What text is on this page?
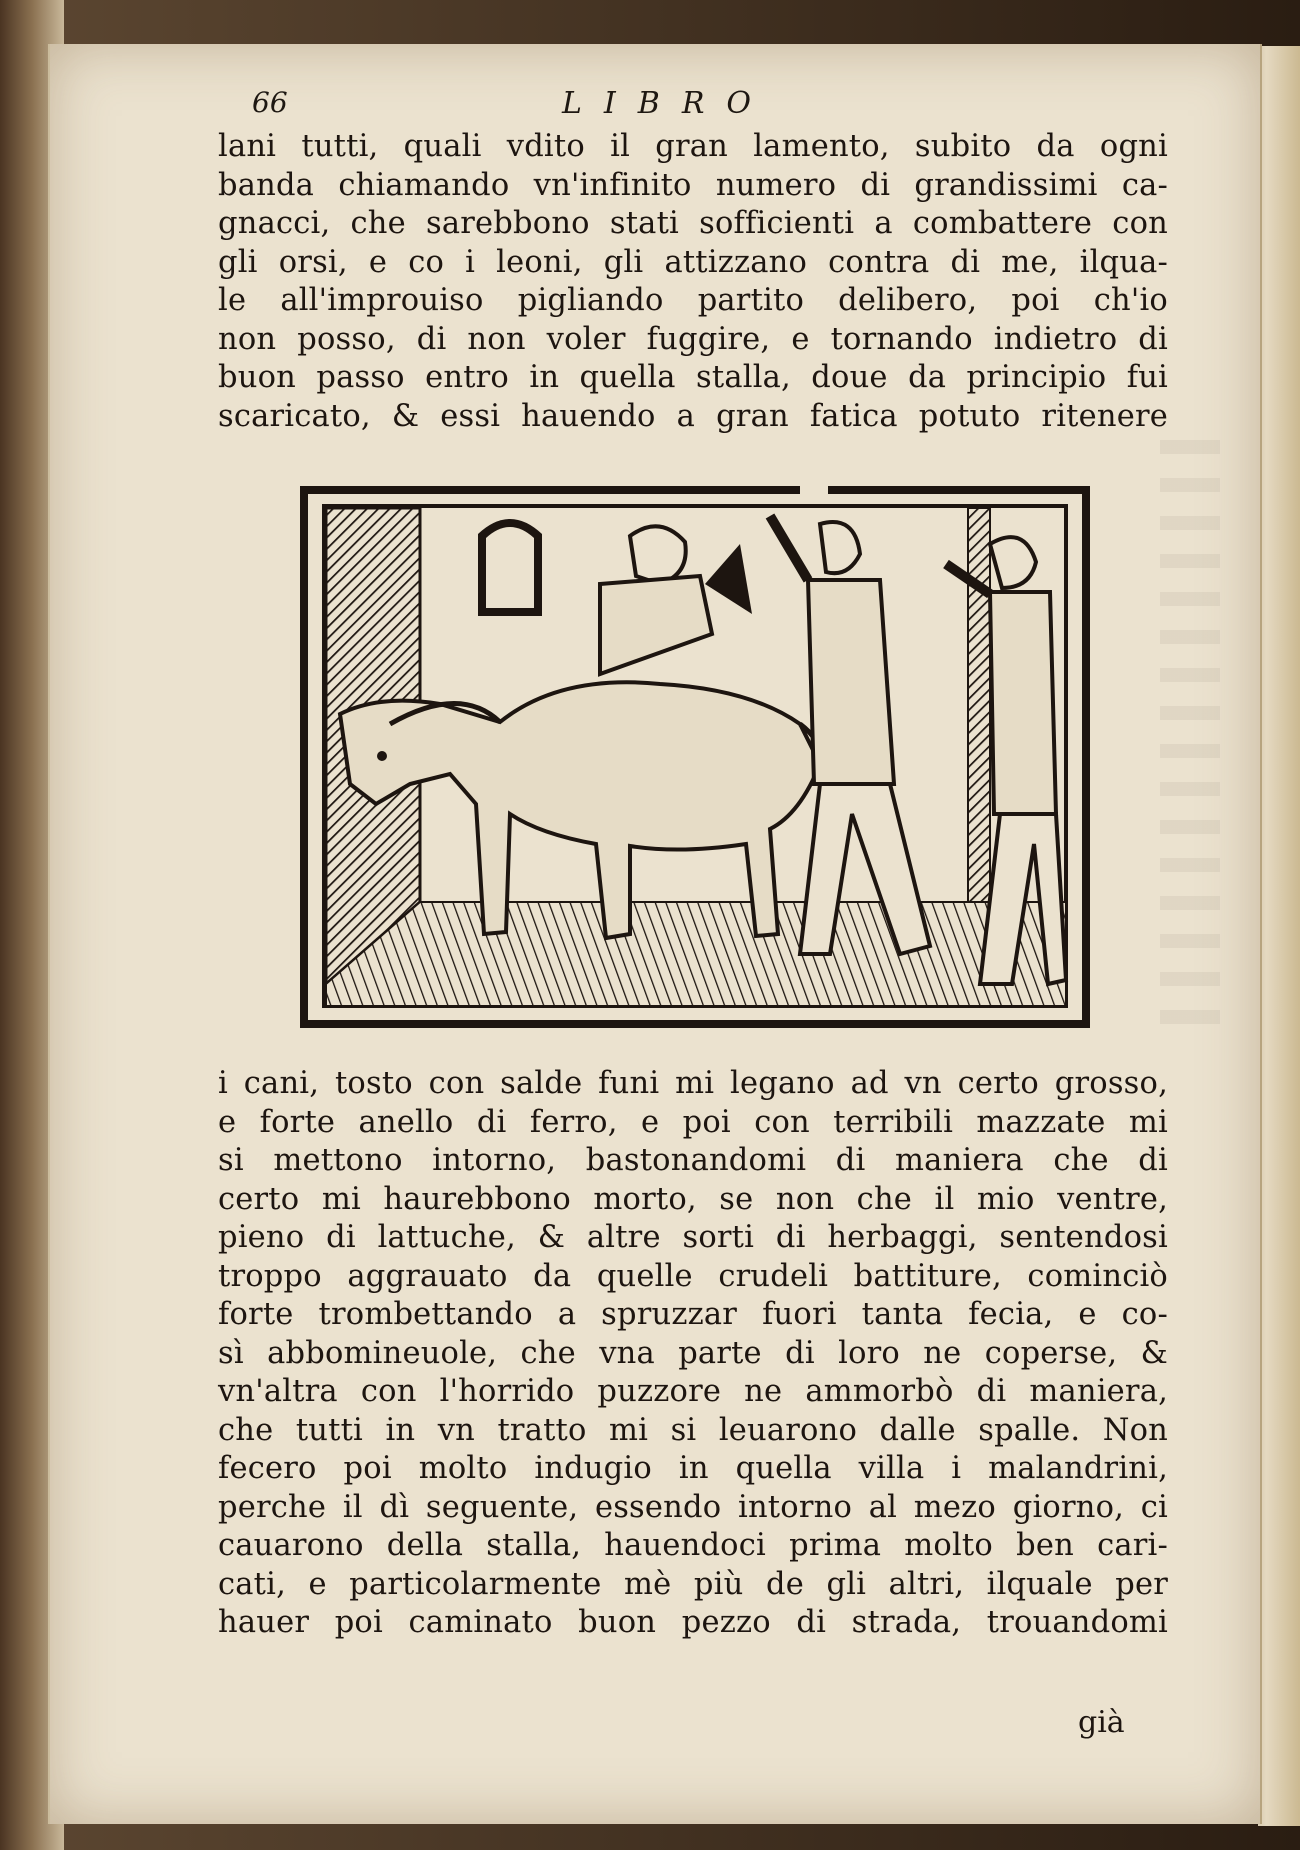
66	LIBRO
lani tutti, quali vdito il gran lamento, subito da ogni
banda chiamando vn'infinito numero di grandissimi ca-
gnacci, che sarebbono stati sofficienti a combattere con
gli orsi, e co i leoni, gli attizzano contra di me, ilqua-
le all'improuiso pigliando partito delibero, poi ch'io
non posso, di non voler fuggire, e tornando indietro di
buon passo entro in quella stalla, doue da principio fui
scaricato, & essi hauendo a gran fatica potuto ritenere
i cani, tosto con salde funi mi legano ad vn certo grosso,
e forte anello di ferro, e poi con terribili mazzate mi
si mettono intorno, bastonandomi di maniera che di
certo mi haurebbono morto, se non che il mio ventre,
pieno di lattuche, & altre sorti di herbaggi, sentendosi
troppo aggrauato da quelle crudeli battiture, cominciò
forte trombettando a spruzzar fuori tanta fecia, e co-
sì abbomineuole, che vna parte di loro ne coperse, &
vn'altra con l'horrido puzzore ne ammorbò di maniera,
che tutti in vn tratto mi si leuarono dalle spalle. Non
fecero poi molto indugio in quella villa i malandrini,
perche il dì seguente, essendo intorno al mezo giorno, ci
cauarono della stalla, hauendoci prima molto ben cari-
cati, e particolarmente mè più de gli altri, ilquale per
hauer poi caminato buon pezzo di strada, trouandomi
già
